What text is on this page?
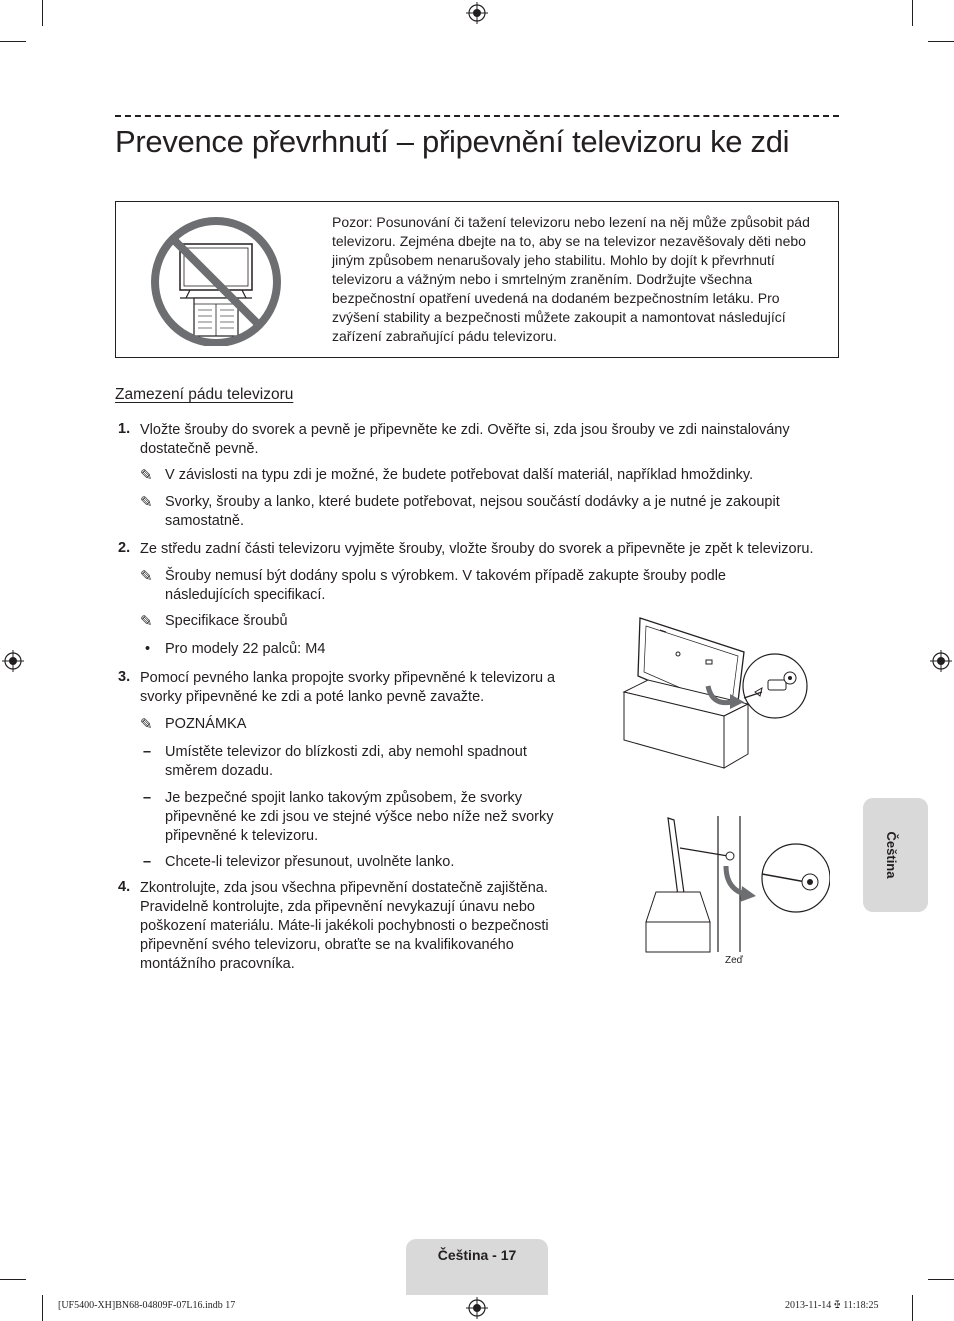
Prevence převrhnutí – připevnění televizoru ke zdi
Pozor: Posunování či tažení televizoru nebo lezení na něj může způsobit pád televizoru. Zejména dbejte na to, aby se na televizor nezavěšovaly děti nebo jiným způsobem nenarušovaly jeho stabilitu. Mohlo by dojít k převrhnutí televizoru a vážným nebo i smrtelným zraněním. Dodržujte všechna bezpečnostní opatření uvedená na dodaném bezpečnostním letáku. Pro zvýšení stability a bezpečnosti můžete zakoupit a namontovat následující zařízení zabraňující pádu televizoru.
Zamezení pádu televizoru
1. Vložte šrouby do svorek a pevně je připevněte ke zdi. Ověřte si, zda jsou šrouby ve zdi nainstalovány dostatečně pevně.
✎ V závislosti na typu zdi je možné, že budete potřebovat další materiál, například hmoždinky.
✎ Svorky, šrouby a lanko, které budete potřebovat, nejsou součástí dodávky a je nutné je zakoupit samostatně.
2. Ze středu zadní části televizoru vyjměte šrouby, vložte šrouby do svorek a připevněte je zpět k televizoru.
✎ Šrouby nemusí být dodány spolu s výrobkem. V takovém případě zakupte šrouby podle následujících specifikací.
✎ Specifikace šroubů
• Pro modely 22 palců: M4
3. Pomocí pevného lanka propojte svorky připevněné k televizoru a svorky připevněné ke zdi a poté lanko pevně zavažte.
✎ POZNÁMKA
– Umístěte televizor do blízkosti zdi, aby nemohl spadnout směrem dozadu.
– Je bezpečné spojit lanko takovým způsobem, že svorky připevněné ke zdi jsou ve stejné výšce nebo níže než svorky připevněné k televizoru.
– Chcete-li televizor přesunout, uvolněte lanko.
4. Zkontrolujte, zda jsou všechna připevnění dostatečně zajištěna. Pravidelně kontrolujte, zda připevnění nevykazují únavu nebo poškození materiálu. Máte-li jakékoli pochybnosti o bezpečnosti připevnění svého televizoru, obraťte se na kvalifikovaného montážního pracovníka.	Zeď
Čeština
Čeština - 17
[UF5400-XH]BN68-04809F-07L16.indb 17	2013-11-14 ꔀ 11:18:25
